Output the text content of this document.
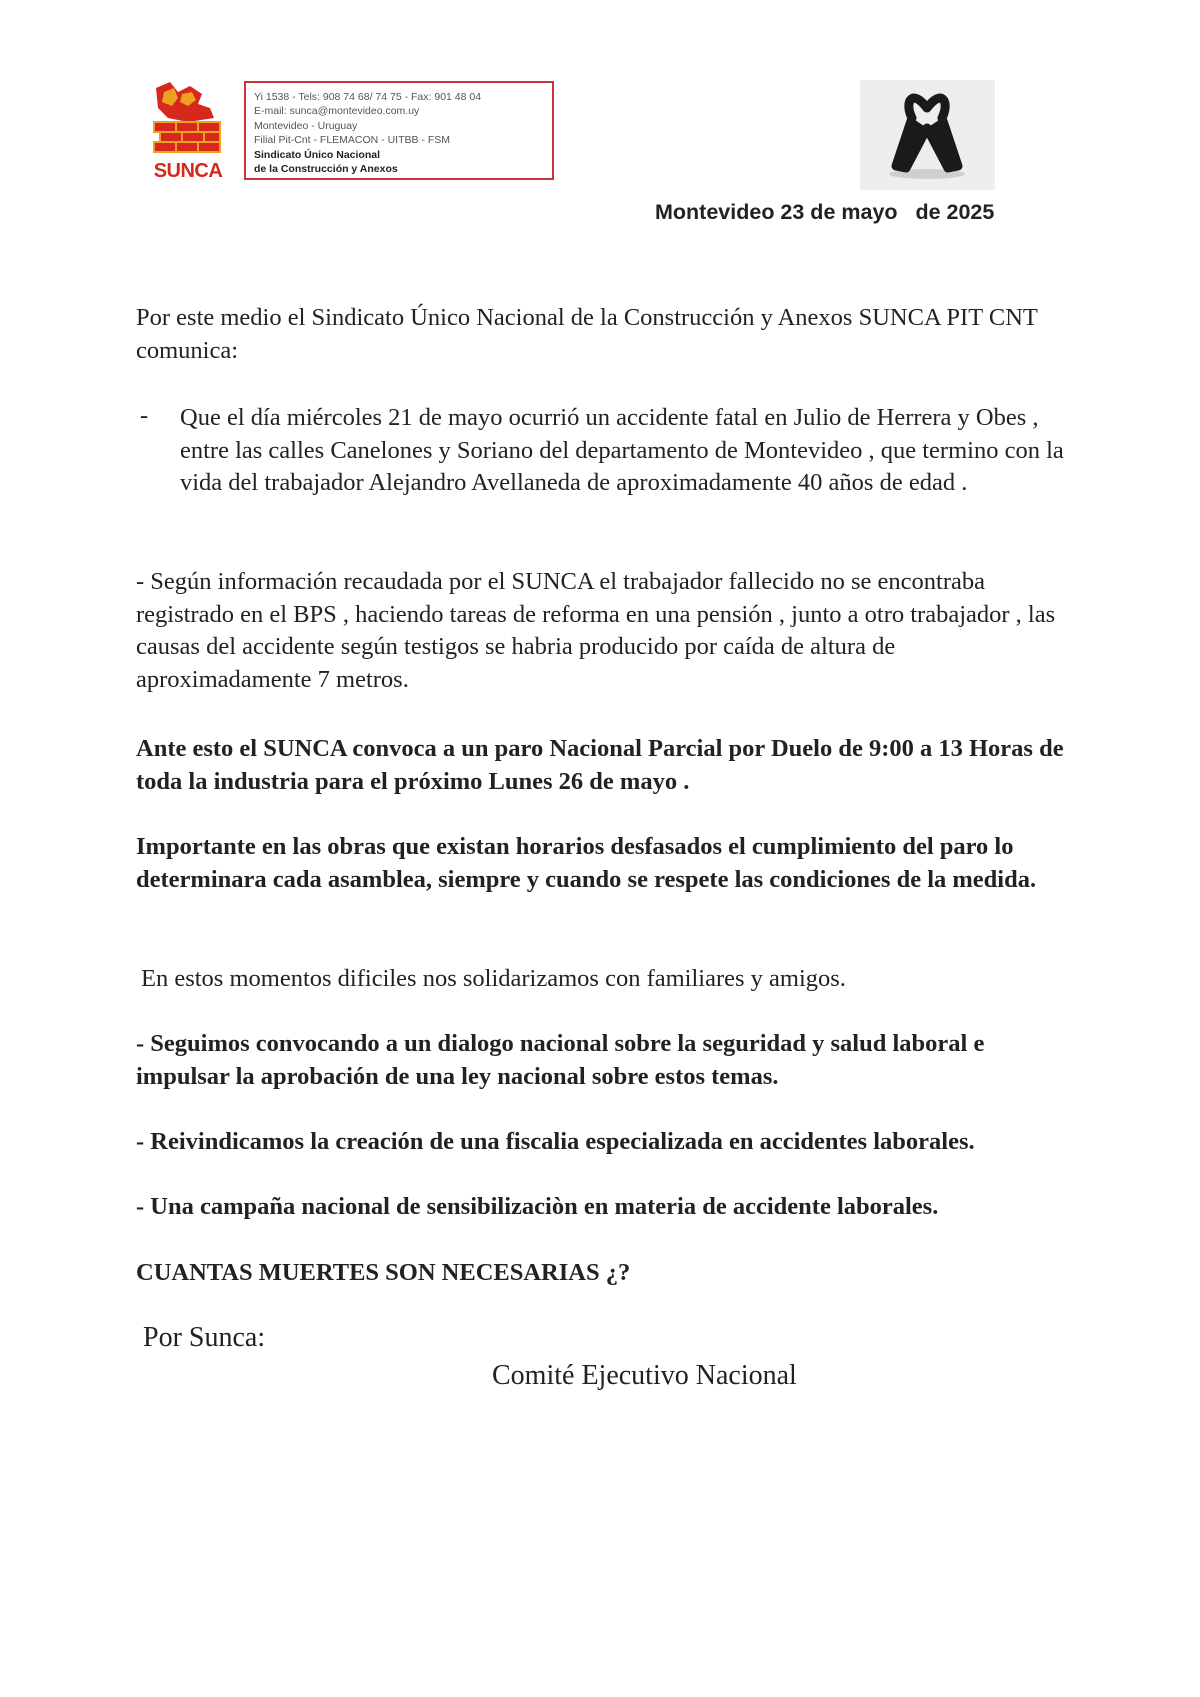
SUNCA
Yi 1538 - Tels: 908 74 68/ 74 75 - Fax: 901 48 04
E-mail: sunca@montevideo.com.uy
Montevideo - Uruguay
Filial Pit-Cnt - FLEMACON - UITBB - FSM
Sindicato Único Nacional
de la Construcción y Anexos
Montevideo 23 de mayo   de 2025
Por este medio el Sindicato Único Nacional de la Construcción y Anexos SUNCA PIT CNT comunica:
- Que el día miércoles 21 de mayo ocurrió un accidente fatal en Julio de Herrera y Obes , entre las calles Canelones y Soriano del departamento de Montevideo , que termino con la vida del trabajador Alejandro Avellaneda de aproximadamente 40 años de edad .
- Según información recaudada por el SUNCA el trabajador fallecido no se encontraba registrado en el BPS , haciendo tareas de reforma en una pensión , junto a otro trabajador , las causas del accidente según testigos se habria producido por caída de altura de aproximadamente 7 metros.
Ante esto el SUNCA convoca a un paro Nacional Parcial por Duelo de 9:00 a 13 Horas de toda la industria para el próximo Lunes 26 de mayo .
Importante en las obras que existan horarios desfasados el cumplimiento del paro lo determinara cada asamblea, siempre y cuando se respete las condiciones de la medida.
En estos momentos dificiles nos solidarizamos con familiares y amigos.
- Seguimos convocando a un dialogo nacional sobre la seguridad y salud laboral e impulsar la aprobación de una ley nacional sobre estos temas.
- Reivindicamos la creación de una fiscalia especializada en accidentes laborales.
- Una campaña nacional de sensibilizaciòn en materia de accidente laborales.
CUANTAS MUERTES SON NECESARIAS ¿?
Por Sunca:
Comité Ejecutivo Nacional
